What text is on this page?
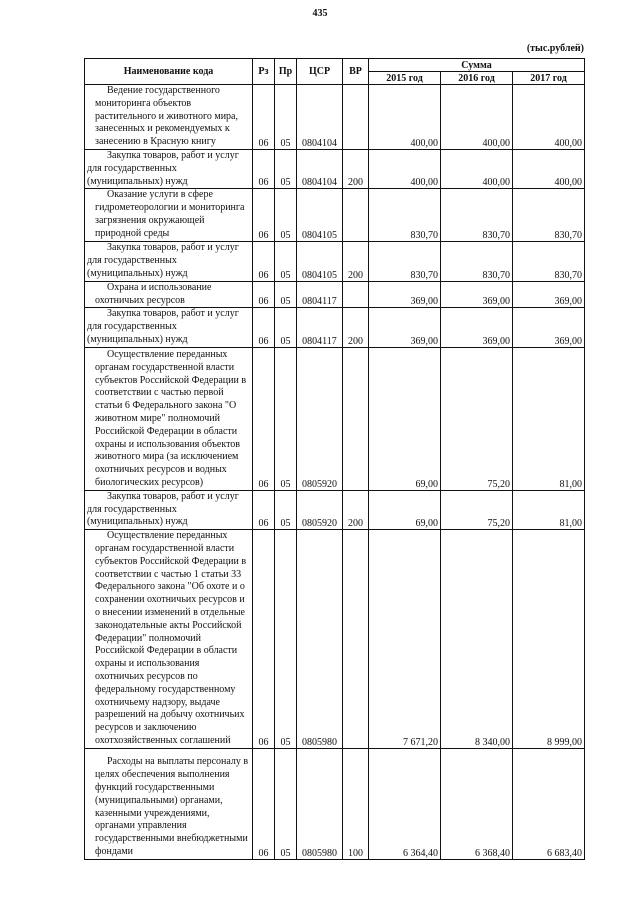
435
(тыс.рублей)
Наименование кода	Рз	Пр	ЦСР	ВР	Сумма		
					2015 год	2016 год	2017 год
Ведение государственного мониторинга объектов растительного и животного мира, занесенных и рекомендуемых к занесению в Красную книгу	06	05	0804104		400,00	400,00	400,00
Закупка товаров, работ и услуг для государственных (муниципальных) нужд	06	05	0804104	200	400,00	400,00	400,00
Оказание услуги в сфере гидрометеорологии и мониторинга загрязнения окружающей природной среды	06	05	0804105		830,70	830,70	830,70
Закупка товаров, работ и услуг для государственных (муниципальных) нужд	06	05	0804105	200	830,70	830,70	830,70
Охрана и использование охотничьих ресурсов	06	05	0804117		369,00	369,00	369,00
Закупка товаров, работ и услуг для государственных (муниципальных) нужд	06	05	0804117	200	369,00	369,00	369,00
Осуществление переданных органам государственной власти субъектов Российской Федерации в соответствии с частью первой статьи 6 Федерального закона "О животном мире" полномочий Российской Федерации в области охраны и использования объектов животного мира (за исключением охотничьих ресурсов и водных биологических ресурсов)	06	05	0805920		69,00	75,20	81,00
Закупка товаров, работ и услуг для государственных (муниципальных) нужд	06	05	0805920	200	69,00	75,20	81,00
Осуществление переданных органам государственной власти субъектов Российской Федерации в соответствии с частью 1 статьи 33 Федерального закона "Об охоте и о сохранении охотничьих ресурсов и о внесении изменений в отдельные законодательные акты Российской Федерации" полномочий Российской Федерации в области охраны и использования охотничьих ресурсов по федеральному государственному охотничьему надзору, выдаче разрешений на добычу охотничьих ресурсов и заключению охотхозяйственных соглашений	06	05	0805980		7 671,20	8 340,00	8 999,00
Расходы на выплаты персоналу в целях обеспечения выполнения функций государственными (муниципальными) органами, казенными учреждениями, органами управления государственными внебюджетными фондами	06	05	0805980	100	6 364,40	6 368,40	6 683,40
